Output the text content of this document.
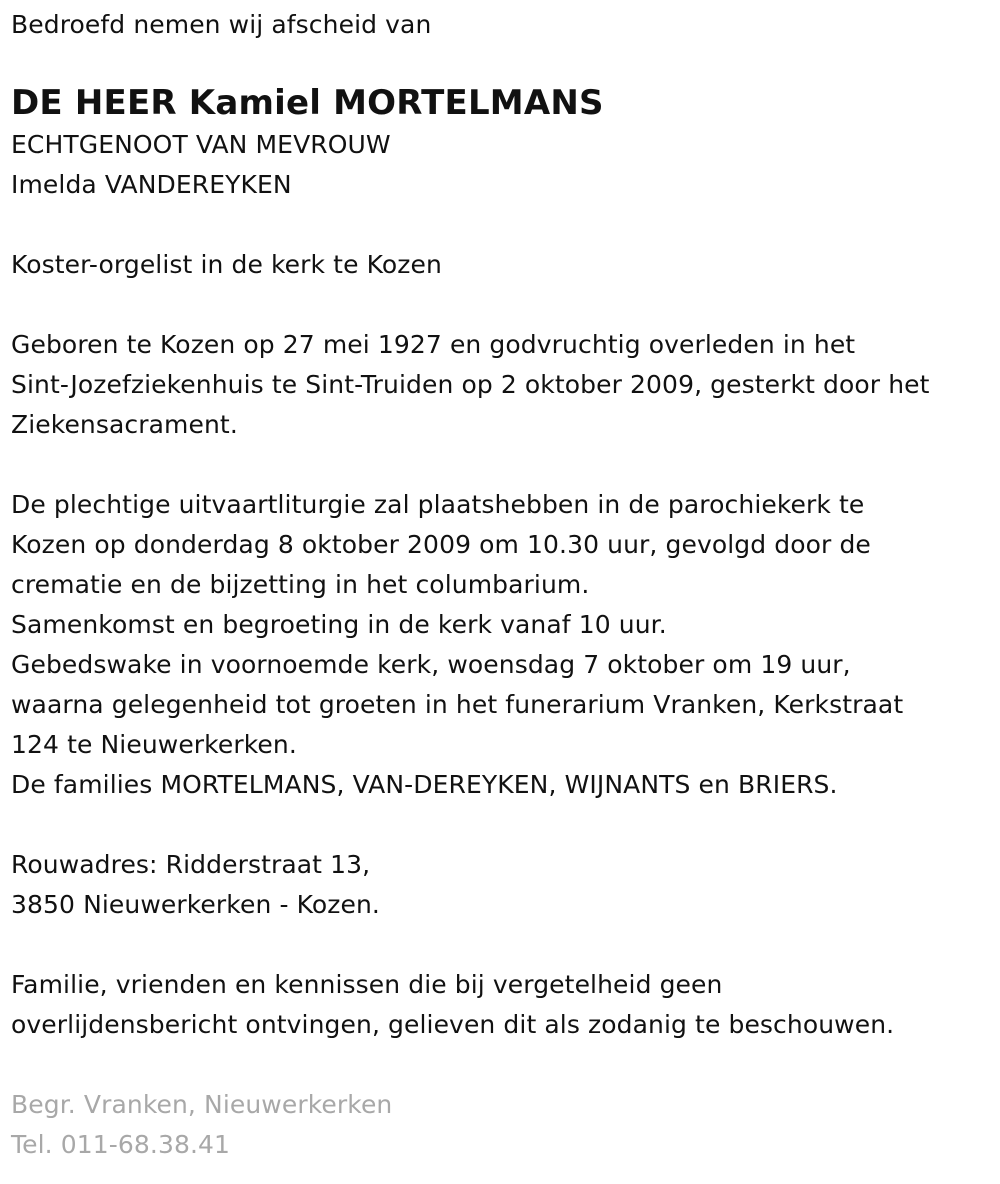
Bedroefd nemen wij afscheid van
DE HEER Kamiel MORTELMANS
ECHTGENOOT VAN MEVROUW
Imelda VANDEREYKEN
Koster-orgelist in de kerk te Kozen
Geboren te Kozen op 27 mei 1927 en godvruchtig overleden in het
Sint-Jozefziekenhuis te Sint-Truiden op 2 oktober 2009, gesterkt door het
Ziekensacrament.
De plechtige uitvaartliturgie zal plaatshebben in de parochiekerk te
Kozen op donderdag 8 oktober 2009 om 10.30 uur, gevolgd door de
crematie en de bijzetting in het columbarium.
Samenkomst en begroeting in de kerk vanaf 10 uur.
Gebedswake in voornoemde kerk, woensdag 7 oktober om 19 uur,
waarna gelegenheid tot groeten in het funerarium Vranken, Kerkstraat
124 te Nieuwerkerken.
De families MORTELMANS, VAN-DEREYKEN, WIJNANTS en BRIERS.
Rouwadres: Ridderstraat 13,
3850 Nieuwerkerken - Kozen.
Familie, vrienden en kennissen die bij vergetelheid geen
overlijdensbericht ontvingen, gelieven dit als zodanig te beschouwen.
Begr. Vranken, Nieuwerkerken
Tel. 011-68.38.41
